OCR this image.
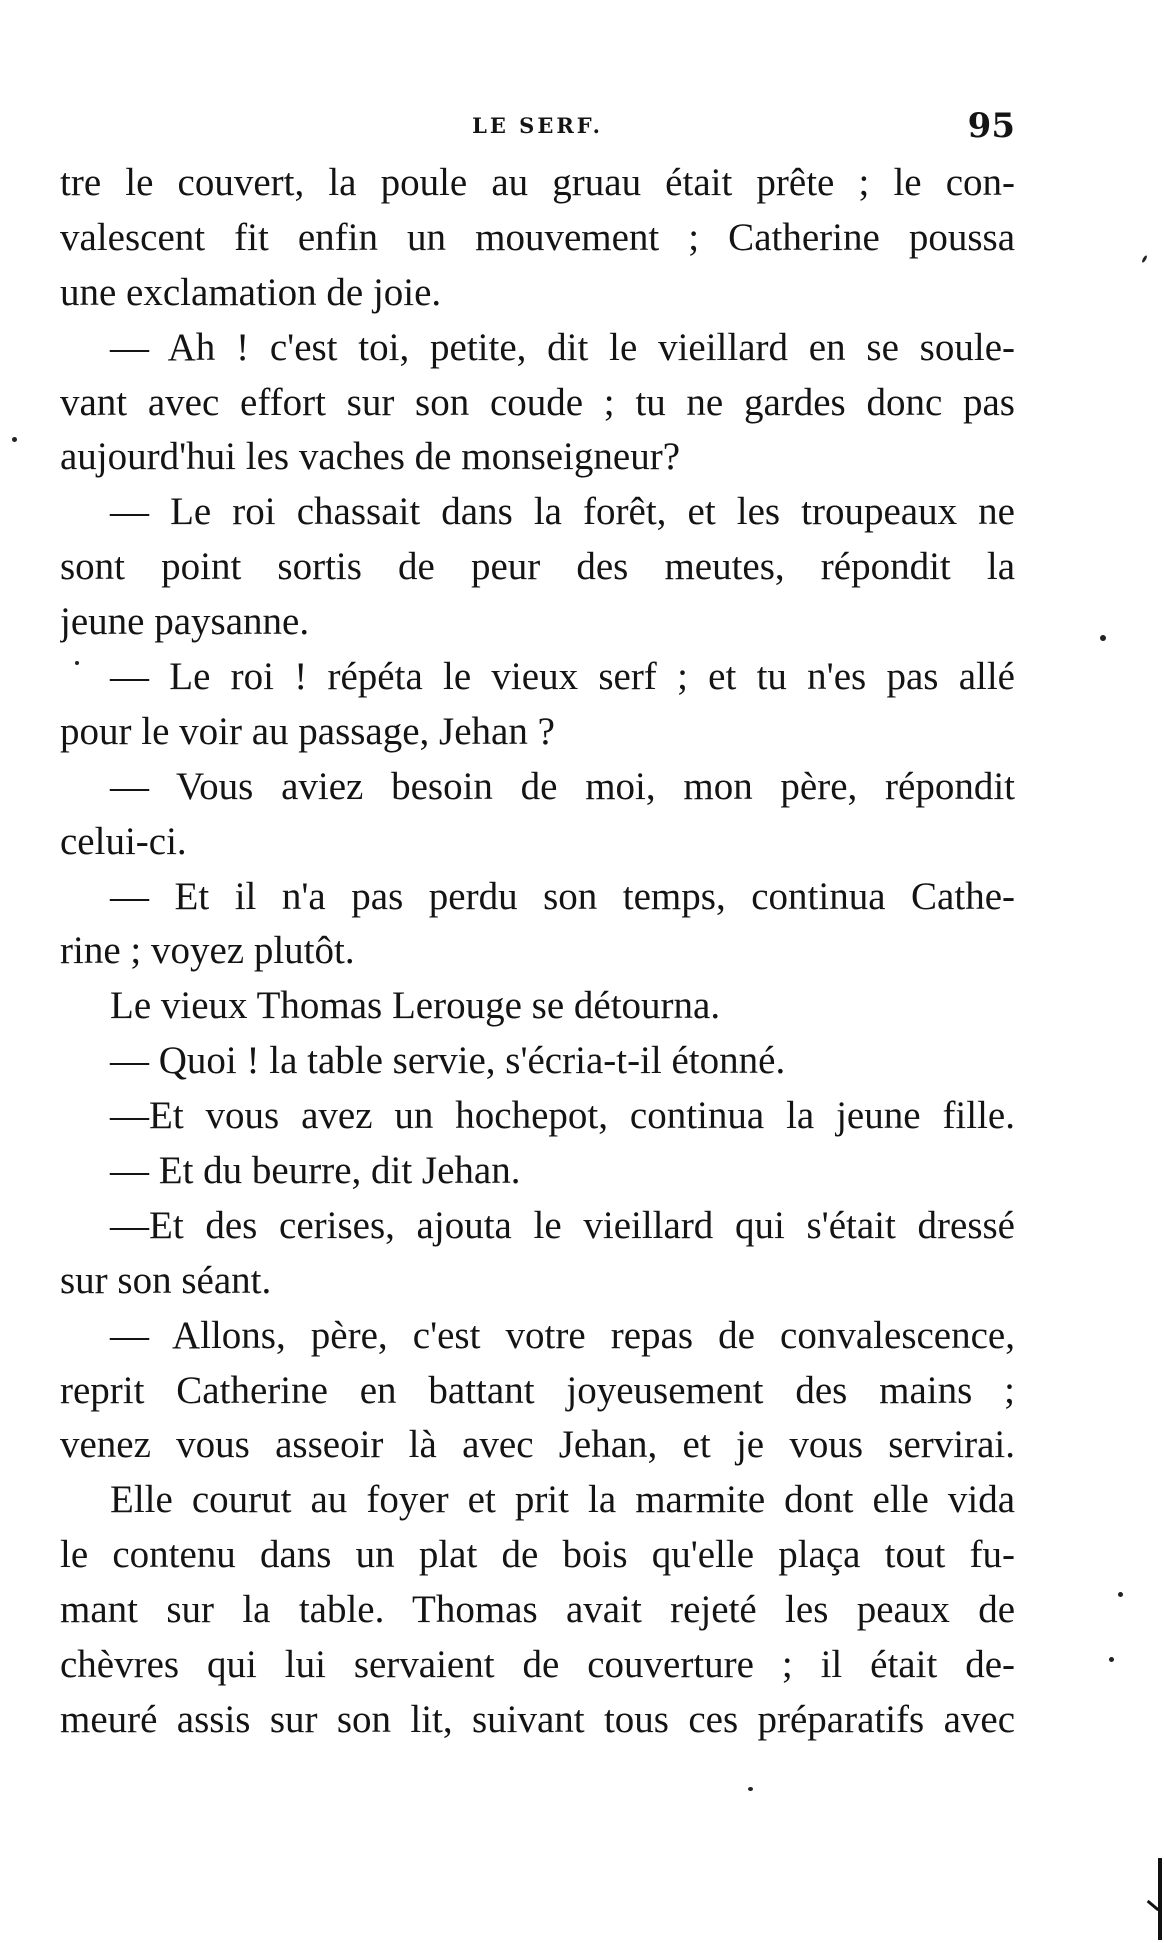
LE SERF.	95
tre le couvert, la poule au gruau était prête ; le con-
valescent fit enfin un mouvement ; Catherine poussa
une exclamation de joie.
— Ah ! c'est toi, petite, dit le vieillard en se soule-
vant avec effort sur son coude ; tu ne gardes donc pas
aujourd'hui les vaches de monseigneur?
— Le roi chassait dans la forêt, et les troupeaux ne
sont point sortis de peur des meutes, répondit la
jeune paysanne.
— Le roi ! répéta le vieux serf ; et tu n'es pas allé
pour le voir au passage, Jehan ?
— Vous aviez besoin de moi, mon père, répondit
celui-ci.
— Et il n'a pas perdu son temps, continua Cathe-
rine ; voyez plutôt.
Le vieux Thomas Lerouge se détourna.
— Quoi ! la table servie, s'écria-t-il étonné.
—Et vous avez un hochepot, continua la jeune fille.
— Et du beurre, dit Jehan.
—Et des cerises, ajouta le vieillard qui s'était dressé
sur son séant.
— Allons, père, c'est votre repas de convalescence,
reprit Catherine en battant joyeusement des mains ;
venez vous asseoir là avec Jehan, et je vous servirai.
Elle courut au foyer et prit la marmite dont elle vida
le contenu dans un plat de bois qu'elle plaça tout fu-
mant sur la table. Thomas avait rejeté les peaux de
chèvres qui lui servaient de couverture ; il était de-
meuré assis sur son lit, suivant tous ces préparatifs avec
